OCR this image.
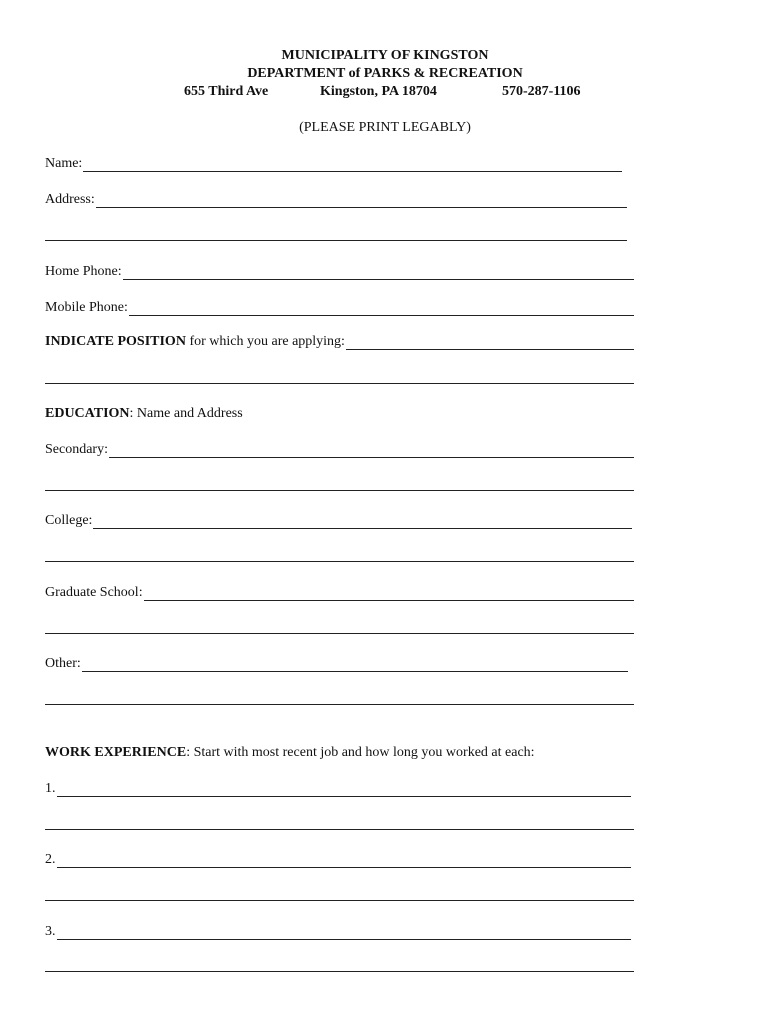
MUNICIPALITY OF KINGSTON
DEPARTMENT of PARKS & RECREATION
655 Third Ave	Kingston, PA 18704	570-287-1106
(PLEASE PRINT LEGABLY)
Name:
Address:
Home Phone:
Mobile Phone:
INDICATE POSITION for which you are applying:
EDUCATION: Name and Address
Secondary:
College:
Graduate School:
Other:
WORK EXPERIENCE: Start with most recent job and how long you worked at each:
1.
2.
3.
